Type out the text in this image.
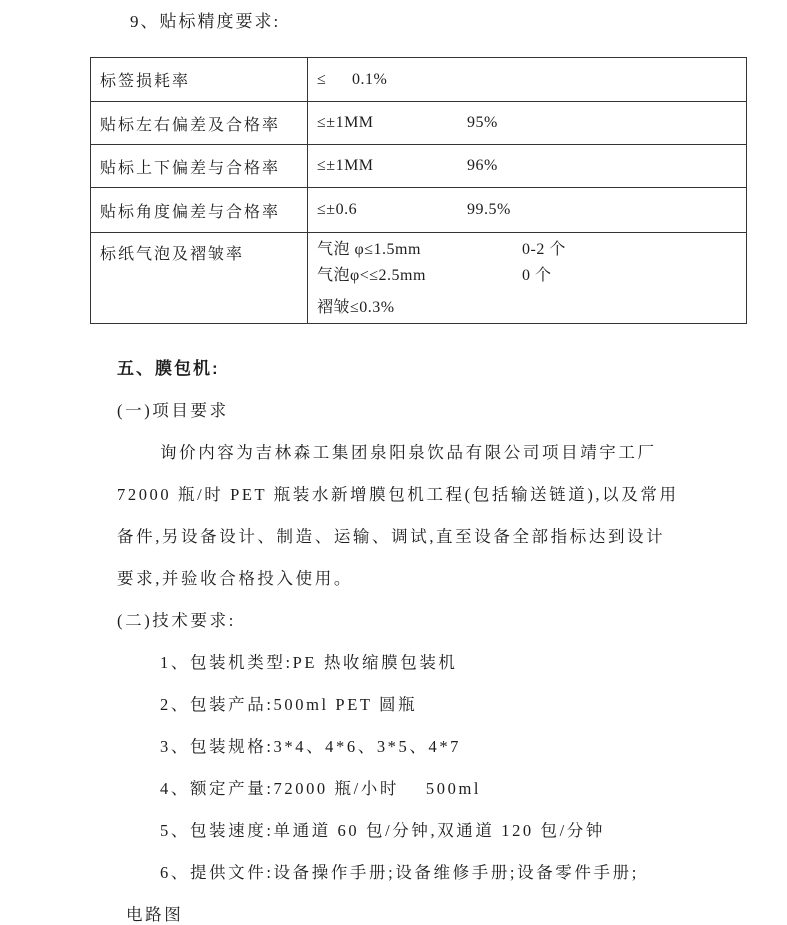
9、贴标精度要求:
标签损耗率	≤ 0.1%

贴标左右偏差及合格率	≤±1MM 95%

贴标上下偏差与合格率	≤±1MM 96%

贴标角度偏差与合格率	≤±0.6 99.5%

标纸气泡及褶皱率	气泡 φ≤1.5mm 0-2 个
气泡φ<≤2.5mm 0 个
褶皱≤0.3%
五、膜包机:
(一)项目要求
询价内容为吉林森工集团泉阳泉饮品有限公司项目靖宇工厂
72000 瓶/时 PET 瓶装水新增膜包机工程(包括输送链道),以及常用
备件,另设备设计、制造、运输、调试,直至设备全部指标达到设计
要求,并验收合格投入使用。
(二)技术要求:
1、包装机类型:PE 热收缩膜包装机
2、包装产品:500ml PET 圆瓶
3、包装规格:3*4、4*6、3*5、4*7
4、额定产量:72000 瓶/小时    500ml
5、包装速度:单通道 60 包/分钟,双通道 120 包/分钟
6、提供文件:设备操作手册;设备维修手册;设备零件手册;
电路图
